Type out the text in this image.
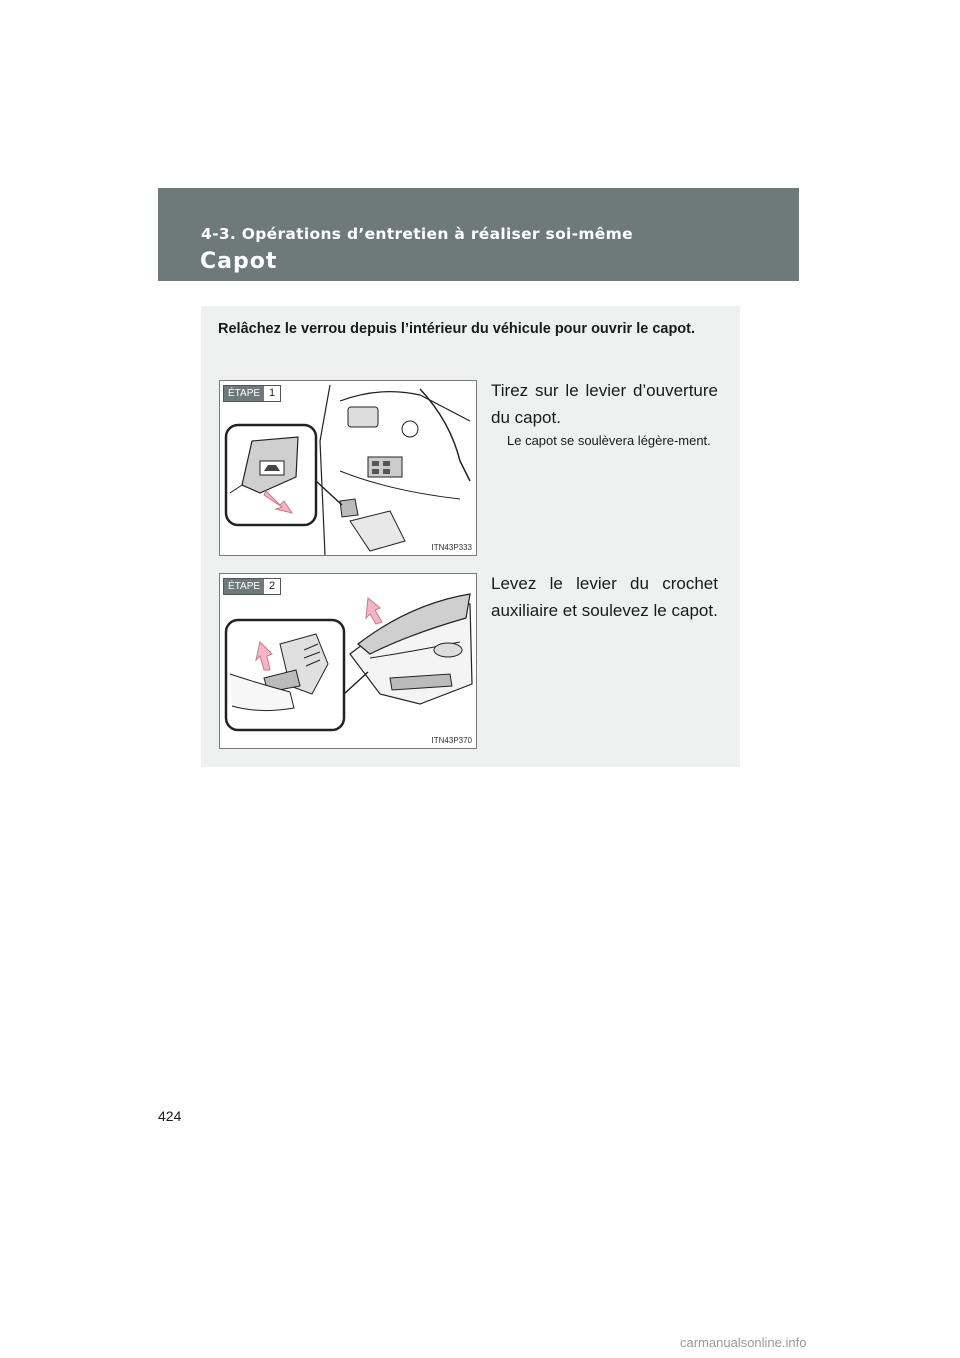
4-3. Opérations d’entretien à réaliser soi-même
Capot
Relâchez le verrou depuis l’intérieur du véhicule pour ouvrir le capot.
ÉTAPE 1
ITN43P333
Tirez sur le levier d’ouverture du capot.
Le capot se soulèvera légère-ment.
ÉTAPE 2
ITN43P370
Levez le levier du crochet auxiliaire et soulevez le capot.
424
carmanualsonline.info
